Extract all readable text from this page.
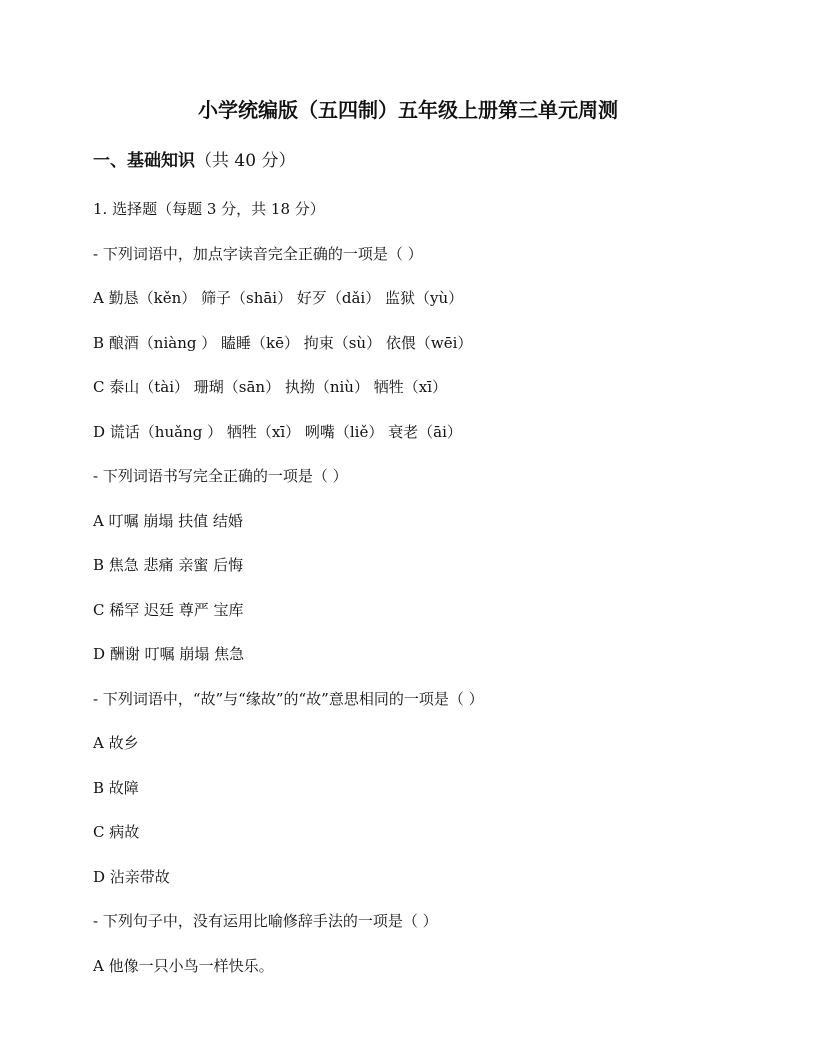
小学统编版（五四制）五年级上册第三单元周测
一、基础知识（共 40 分）
1. 选择题（每题 3 分，共 18 分）
- 下列词语中，加点字读音完全正确的一项是（ ）
A 勤恳（kěn） 筛子（shāi） 好歹（dǎi） 监狱（yù）
B 酿酒（niàng ） 瞌睡（kē） 拘束（sù） 依偎（wēi）
C 泰山（tài） 珊瑚（sān） 执拗（niù） 牺牲（xī）
D 谎话（huǎng ） 牺牲（xī） 咧嘴（liě） 衰老（āi）
- 下列词语书写完全正确的一项是（ ）
A 叮嘱 崩塌 扶值 结婚
B 焦急 悲痛 亲蜜 后悔
C 稀罕 迟廷 尊严 宝库
D 酬谢 叮嘱 崩塌 焦急
- 下列词语中，“故”与“缘故”的“故”意思相同的一项是（ ）
A 故乡
B 故障
C 病故
D 沾亲带故
- 下列句子中，没有运用比喻修辞手法的一项是（ ）
A 他像一只小鸟一样快乐。
